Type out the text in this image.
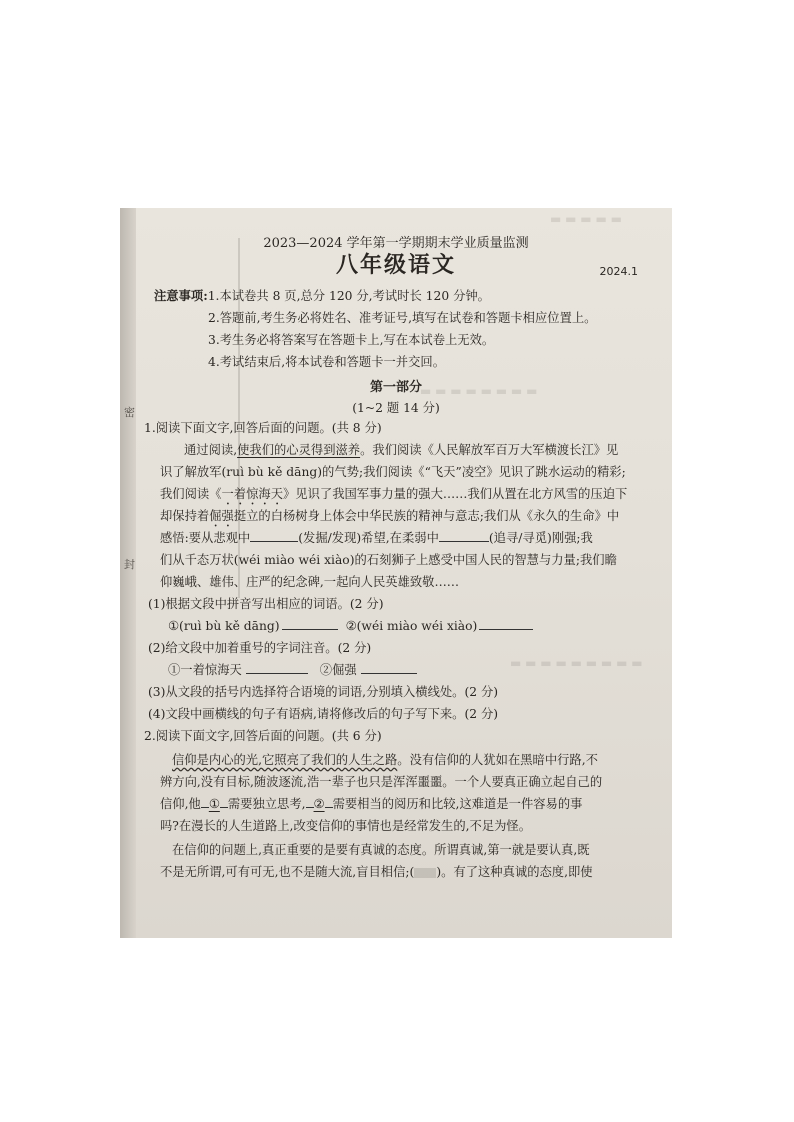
密
封
▬ ▬ ▬ ▬ ▬
▬ ▬ ▬ ▬ ▬ ▬ ▬ ▬
▬ ▬ ▬ ▬ ▬ ▬ ▬ ▬ ▬
2023—2024 学年第一学期期末学业质量监测
八年级语文	2024.1
注意事项:1.本试卷共 8 页,总分 120 分,考试时长 120 分钟。
2.答题前,考生务必将姓名、准考证号,填写在试卷和答题卡相应位置上。
3.考生务必将答案写在答题卡上,写在本试卷上无效。
4.考试结束后,将本试卷和答题卡一并交回。
第一部分
(1~2 题 14 分)
1.阅读下面文字,回答后面的问题。(共 8 分)
通过阅读,使我们的心灵得到滋养。我们阅读《人民解放军百万大军横渡长江》见
识了解放军(ruì bù kě dāng)的气势;我们阅读《“飞天”凌空》见识了跳水运动的精彩;
我们阅读《一着惊海天》见识了我国军事力量的强大……我们从置在北方风雪的压迫下
却保持着倔强挺立的白杨树身上体会中华民族的精神与意志;我们从《永久的生命》中
感悟:要从悲观中	(发掘/发现)希望,在柔弱中	(追寻/寻觅)刚强;我
们从千态万状(wéi miào wéi xiào)的石刻狮子上感受中国人民的智慧与力量;我们瞻
仰巍峨、雄伟、庄严的纪念碑,一起向人民英雄致敬……
(1)根据文段中拼音写出相应的词语。(2 分)
①(ruì bù kě dāng)	②(wéi miào wéi xiào)
(2)给文段中加着重号的字词注音。(2 分)
①一着惊海天	②倔强
(3)从文段的括号内选择符合语境的词语,分别填入横线处。(2 分)
(4)文段中画横线的句子有语病,请将修改后的句子写下来。(2 分)
2.阅读下面文字,回答后面的问题。(共 6 分)
信仰是内心的光,它照亮了我们的人生之路。没有信仰的人犹如在黑暗中行路,不
辨方向,没有目标,随波逐流,浩一辈子也只是浑浑噩噩。一个人要真正确立起自己的
信仰,他 ① 需要独立思考, ② 需要相当的阅历和比较,这难道是一件容易的事
吗?在漫长的人生道路上,改变信仰的事情也是经常发生的,不足为怪。
在信仰的问题上,真正重要的是要有真诚的态度。所谓真诚,第一就是要认真,既
不是无所谓,可有可无,也不是随大流,盲目相信;( )。有了这种真诚的态度,即使
